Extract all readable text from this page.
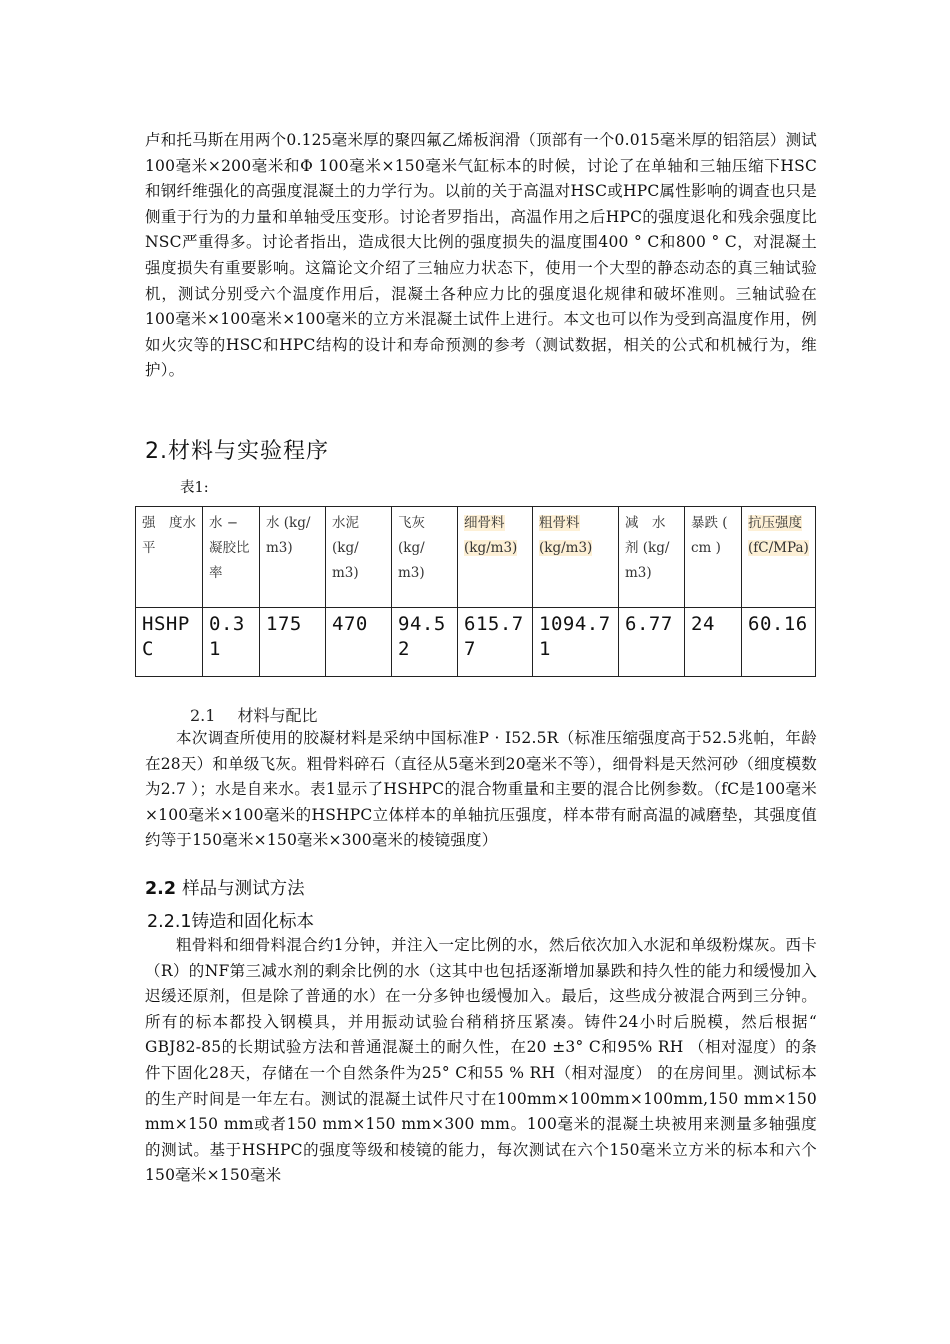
卢和托马斯在用两个0.125毫米厚的聚四氟乙烯板润滑（顶部有一个0.015毫米厚的铝箔层）测试100毫米×200毫米和Φ 100毫米×150毫米气缸标本的时候，讨论了在单轴和三轴压缩下HSC和钢纤维强化的高强度混凝土的力学行为。以前的关于高温对HSC或HPC属性影响的调查也只是侧重于行为的力量和单轴受压变形。讨论者罗指出，高温作用之后HPC的强度退化和残余强度比NSC严重得多。讨论者指出，造成很大比例的强度损失的温度围400 ° C和800 ° C，对混凝土强度损失有重要影响。这篇论文介绍了三轴应力状态下，使用一个大型的静态动态的真三轴试验机，测试分别受六个温度作用后，混凝土各种应力比的强度退化规律和破坏准则。三轴试验在100毫米×100毫米×100毫米的立方米混凝土试件上进行。本文也可以作为受到高温度作用，例如火灾等的HSC和HPC结构的设计和寿命预测的参考（测试数据，相关的公式和机械行为，维护）。
2.材料与实验程序
表1:
强　度水平	水 − 凝胶比率	水 (kg/ m3)	水泥 (kg/ m3)	飞灰 (kg/ m3)	细骨料 (kg/m3)	粗骨料 (kg/m3)	减　水剂 (kg/ m3)	暴跌 ( cm )	抗压强度 (fC/MPa)
HSHPC	0.31	175	470	94.52	615.77	1094.71	6.77	24	60.16
2.1 材料与配比
本次调查所使用的胶凝材料是采纳中国标准P · I52.5R（标准压缩强度高于52.5兆帕，年龄在28天）和单级飞灰。粗骨料碎石（直径从5毫米到20毫米不等），细骨料是天然河砂（细度模数为2.7 ）；水是自来水。表1显示了HSHPC的混合物重量和主要的混合比例参数。（fC是100毫米×100毫米×100毫米的HSHPC立体样本的单轴抗压强度，样本带有耐高温的减磨垫，其强度值约等于150毫米×150毫米×300毫米的棱镜强度）
2.2 样品与测试方法
2.2.1铸造和固化标本
粗骨料和细骨料混合约1分钟，并注入一定比例的水，然后依次加入水泥和单级粉煤灰。西卡（R）的NF第三减水剂的剩余比例的水（这其中也包括逐渐增加暴跌和持久性的能力和缓慢加入迟缓还原剂，但是除了普通的水）在一分多钟也缓慢加入。最后，这些成分被混合两到三分钟。所有的标本都投入钢模具，并用振动试验台稍稍挤压紧凑。铸件24小时后脱模，然后根据“ GBJ82-85的长期试验方法和普通混凝土的耐久性，在20 ±3° C和95% RH （相对湿度）的条件下固化28天，存储在一个自然条件为25° C和55 % RH（相对湿度） 的在房间里。测试标本的生产时间是一年左右。测试的混凝土试件尺寸在100mm×100mm×100mm,150 mm×150 mm×150 mm或者150 mm×150 mm×300 mm。100毫米的混凝土块被用来测量多轴强度的测试。基于HSHPC的强度等级和棱镜的能力，每次测试在六个150毫米立方米的标本和六个150毫米×150毫米
